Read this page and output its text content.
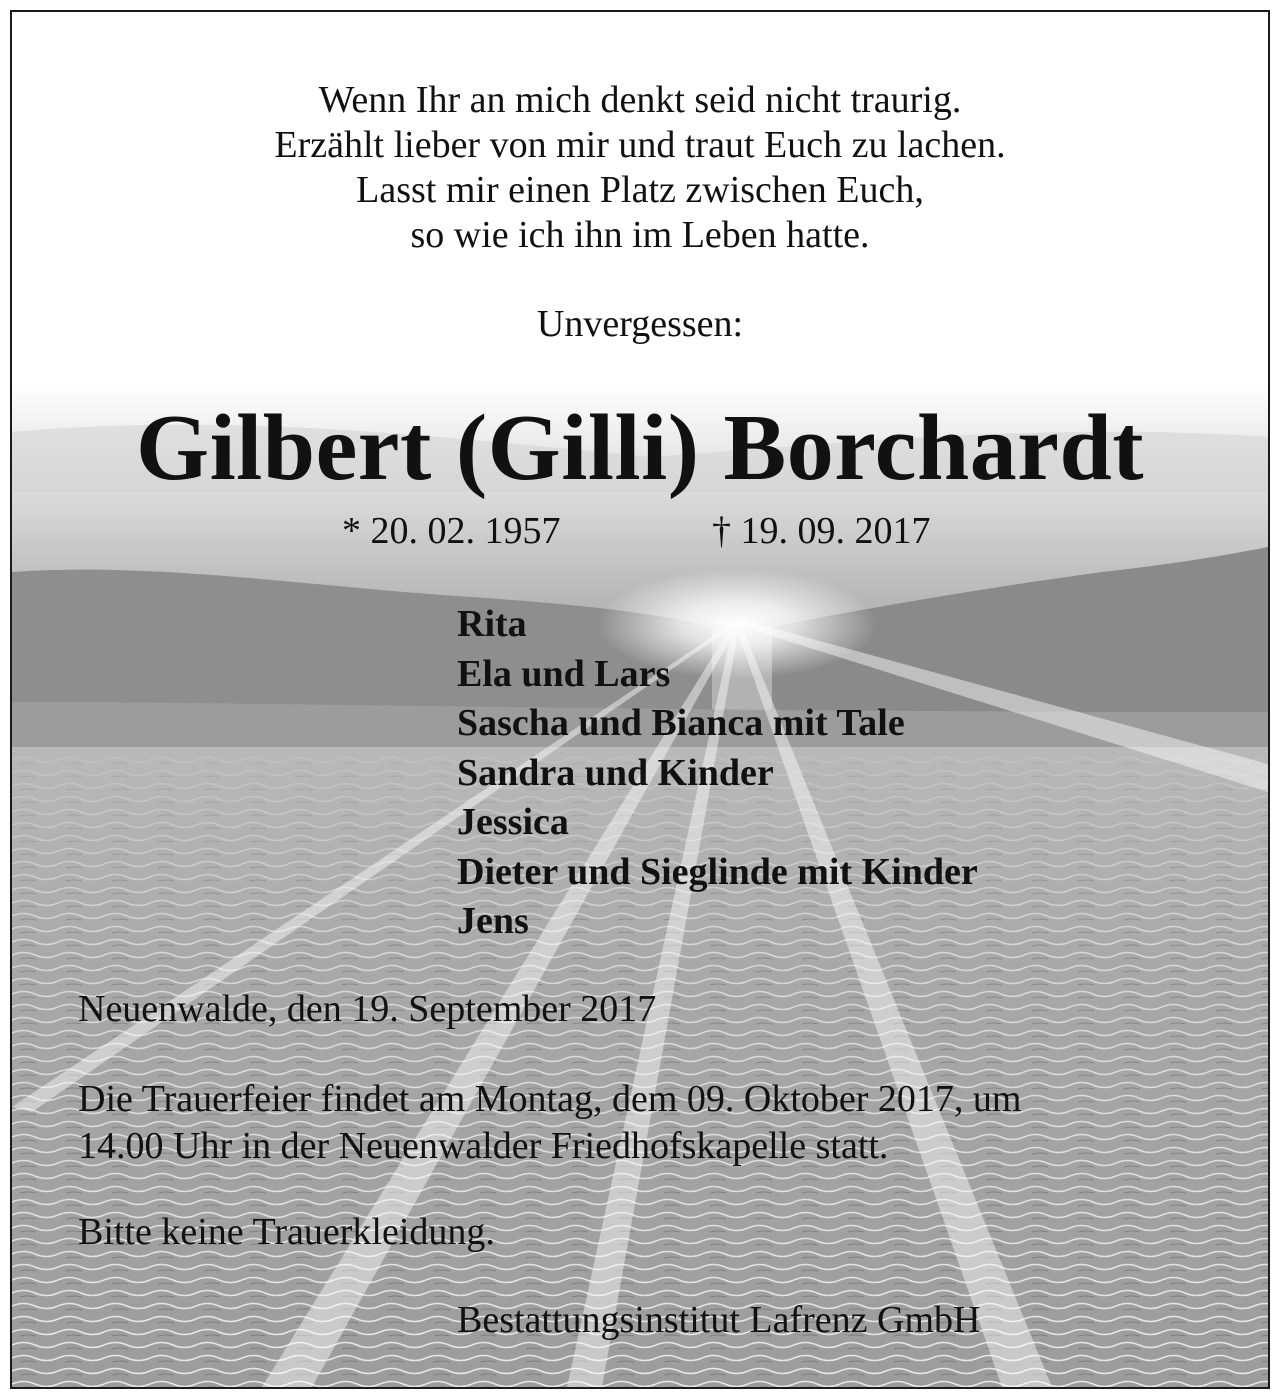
Wenn Ihr an mich denkt seid nicht traurig.
Erzählt lieber von mir und traut Euch zu lachen.
Lasst mir einen Platz zwischen Euch,
so wie ich ihn im Leben hatte.
Unvergessen:
Gilbert (Gilli) Borchardt
* 20. 02. 1957	† 19. 09. 2017
Rita
Ela und Lars
Sascha und Bianca mit Tale
Sandra und Kinder
Jessica
Dieter und Sieglinde mit Kinder
Jens
Neuenwalde, den 19. September 2017
Die Trauerfeier findet am Montag, dem 09. Oktober 2017, um
14.00 Uhr in der Neuenwalder Friedhofskapelle statt.
Bitte keine Trauerkleidung.
Bestattungsinstitut Lafrenz GmbH
